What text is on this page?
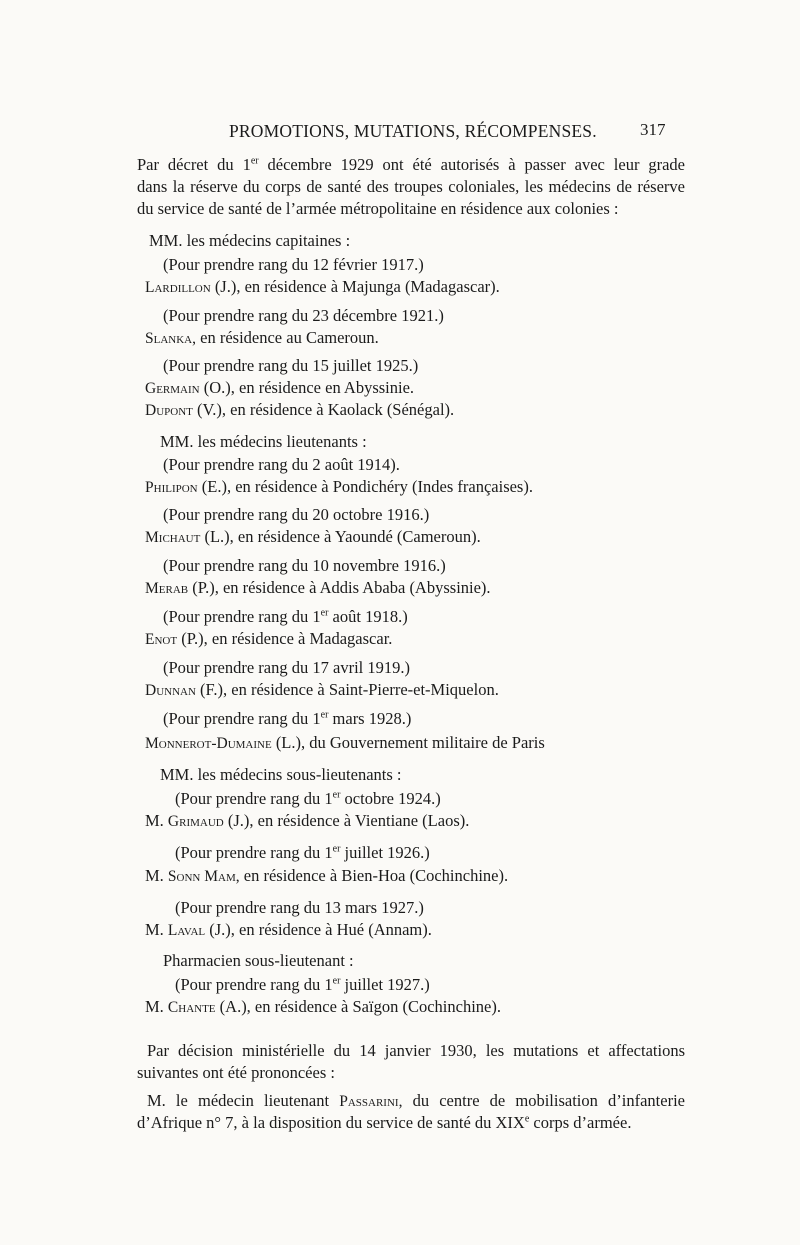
PROMOTIONS, MUTATIONS, RÉCOMPENSES.	317
Par décret du 1er décembre 1929 ont été autorisés à passer avec leur grade
dans la réserve du corps de santé des troupes coloniales, les médecins de réserve
du service de santé de l’armée métropolitaine en résidence aux colonies :
MM. les médecins capitaines :
(Pour prendre rang du 12 février 1917.)
Lardillon (J.), en résidence à Majunga (Madagascar).
(Pour prendre rang du 23 décembre 1921.)
Slanka, en résidence au Cameroun.
(Pour prendre rang du 15 juillet 1925.)
Germain (O.), en résidence en Abyssinie.
Dupont (V.), en résidence à Kaolack (Sénégal).
MM. les médecins lieutenants :
(Pour prendre rang du 2 août 1914).
Philipon (E.), en résidence à Pondichéry (Indes françaises).
(Pour prendre rang du 20 octobre 1916.)
Michaut (L.), en résidence à Yaoundé (Cameroun).
(Pour prendre rang du 10 novembre 1916.)
Merab (P.), en résidence à Addis Ababa (Abyssinie).
(Pour prendre rang du 1er août 1918.)
Enot (P.), en résidence à Madagascar.
(Pour prendre rang du 17 avril 1919.)
Dunnan (F.), en résidence à Saint-Pierre-et-Miquelon.
(Pour prendre rang du 1er mars 1928.)
Monnerot-Dumaine (L.), du Gouvernement militaire de Paris
MM. les médecins sous-lieutenants :
(Pour prendre rang du 1er octobre 1924.)
M. Grimaud (J.), en résidence à Vientiane (Laos).
(Pour prendre rang du 1er juillet 1926.)
M. Sonn Mam, en résidence à Bien-Hoa (Cochinchine).
(Pour prendre rang du 13 mars 1927.)
M. Laval (J.), en résidence à Hué (Annam).
Pharmacien sous-lieutenant :
(Pour prendre rang du 1er juillet 1927.)
M. Chante (A.), en résidence à Saïgon (Cochinchine).
Par décision ministérielle du 14 janvier 1930, les mutations et affectations
suivantes ont été prononcées :
M. le médecin lieutenant Passarini, du centre de mobilisation d’infanterie
d’Afrique n° 7, à la disposition du service de santé du XIXe corps d’armée.
